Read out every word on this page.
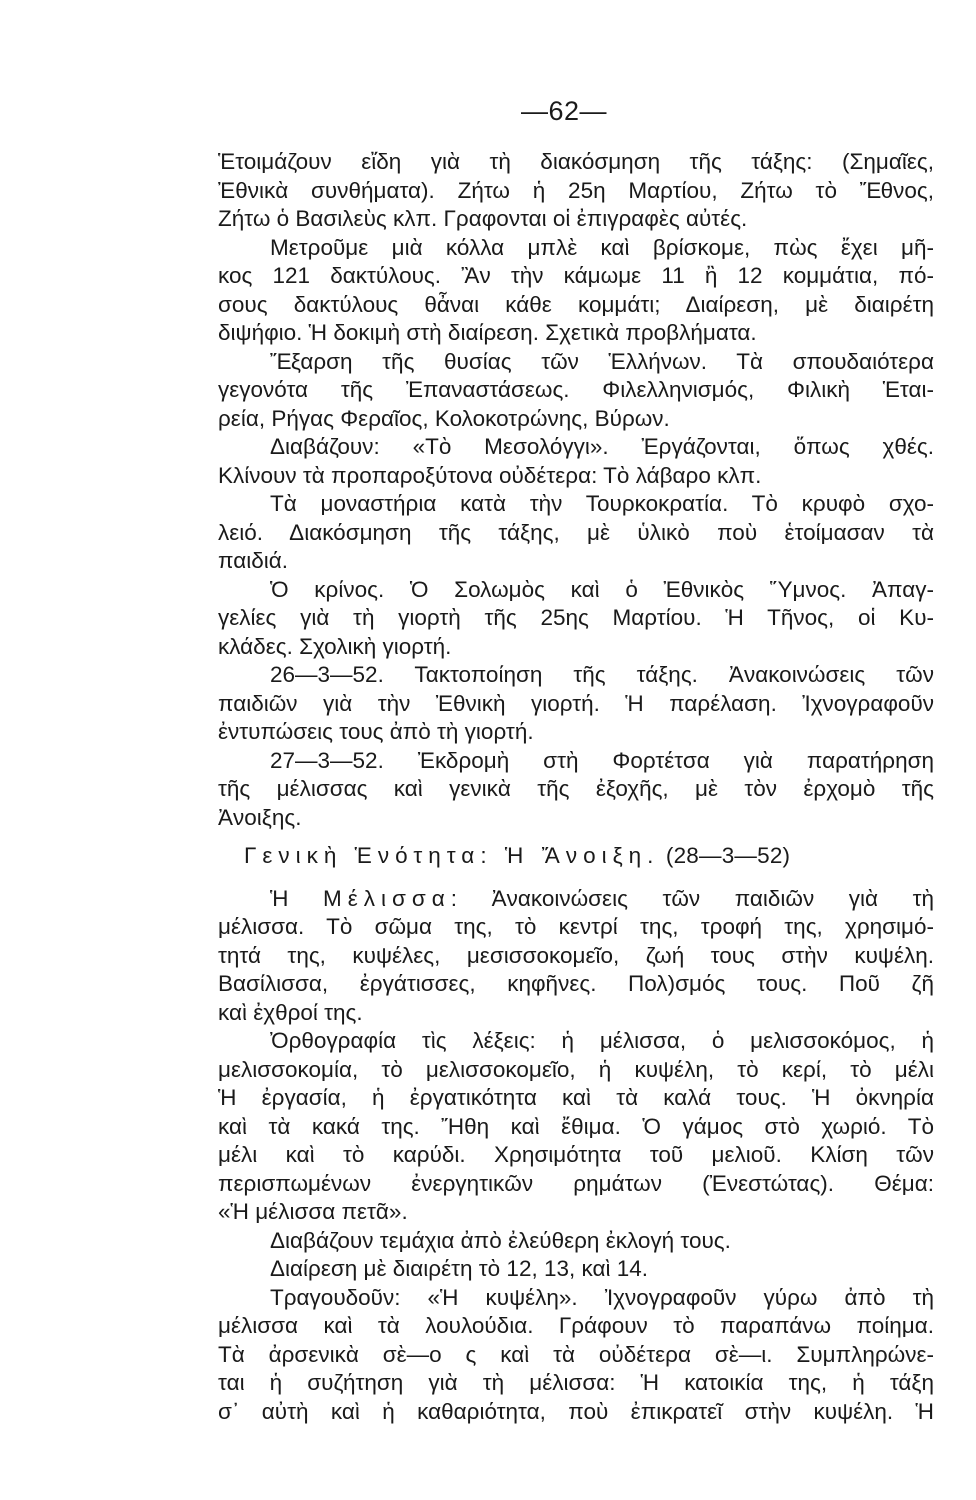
—62—
Ἑτοιμάζουν εἴδη γιὰ τὴ διακόσμηση τῆς τάξης: (Σημαῖες,
Ἐθνικὰ συνθήματα). Ζήτω ἡ 25η Μαρτίου, Ζήτω τὸ Ἔθνος,
Ζήτω ὁ Βασιλεὺς κλπ. Γραφονται οἱ ἐπιγραφὲς αὐτές.
Μετροῦμε μιὰ κόλλα μπλὲ καὶ βρίσκομε, πὼς ἔχει μῆ-
κος 121 δακτύλους. Ἂν τὴν κάμωμε 11 ἢ 12 κομμάτια, πό-
σους δακτύλους θἆναι κάθε κομμάτι; Διαίρεση, μὲ διαιρέτη
διψήφιο. Ἡ δοκιμὴ στὴ διαίρεση. Σχετικὰ προβλήματα.
Ἔξαρση τῆς θυσίας τῶν Ἑλλήνων. Τὰ σπουδαιότερα
γεγονότα τῆς Ἐπαναστάσεως. Φιλελληνισμός, Φιλικὴ Ἑται-
ρεία, Ρήγας Φεραῖος, Κολοκοτρώνης, Βύρων.
Διαβάζουν: «Τὸ Μεσολόγγι». Ἐργάζονται, ὅπως χθές.
Κλίνουν τὰ προπαροξύτονα οὐδέτερα: Τὸ λάβαρο κλπ.
Τὰ μοναστήρια κατὰ τὴν Τουρκοκρατία. Τὸ κρυφὸ σχο-
λειό. Διακόσμηση τῆς τάξης, μὲ ὑλικὸ ποὺ ἑτοίμασαν τὰ
παιδιά.
Ὁ κρίνος. Ὁ Σολωμὸς καὶ ὁ Ἐθνικὸς Ὕμνος. Ἀπαγ-
γελίες γιὰ τὴ γιορτὴ τῆς 25ης Μαρτίου. Ἡ Τῆνος, οἱ Κυ-
κλάδες. Σχολικὴ γιορτή.
26—3—52. Τακτοποίηση τῆς τάξης. Ἀνακοινώσεις τῶν
παιδιῶν γιὰ τὴν Ἐθνικὴ γιορτή. Ἡ παρέλαση. Ἰχνογραφοῦν
ἐντυπώσεις τους ἀπὸ τὴ γιορτή.
27—3—52. Ἐκδρομὴ στὴ Φορτέτσα γιὰ παρατήρηση
τῆς μέλισσας καὶ γενικὰ τῆς ἐξοχῆς, μὲ τὸν ἐρχομὸ τῆς
Ἀνοιξης.
Γενικὴ Ἑνότητα: Ἡ Ἄνοιξη. (28—3—52)
Ἡ Μέλισσα: Ἀνακοινώσεις τῶν παιδιῶν γιὰ τὴ
μέλισσα. Τὸ σῶμα της, τὸ κεντρί της, τροφή της, χρησιμό-
τητά της, κυψέλες, μεσισσοκομεῖο, ζωή τους στὴν κυψέλη.
Βασίλισσα, ἐργάτισσες, κηφῆνες. Πολ)σμός τους. Ποῦ ζῆ
καὶ ἐχθροί της.
Ὀρθογραφία τὶς λέξεις: ἡ μέλισσα, ὁ μελισσοκόμος, ἡ
μελισσοκομία, τὸ μελισσοκομεῖο, ἡ κυψέλη, τὸ κερί, τὸ μέλι
Ἡ ἐργασία, ἡ ἐργατικότητα καὶ τὰ καλά τους. Ἡ ὀκνηρία
καὶ τὰ κακά της. Ἤθη καὶ ἔθιμα. Ὁ γάμος στὸ χωριό. Τὸ
μέλι καὶ τὸ καρύδι. Χρησιμότητα τοῦ μελιοῦ. Κλίση τῶν
περισπωμένων ἐνεργητικῶν ρημάτων (Ἐνεστώτας). Θέμα:
«Ἡ μέλισσα πετᾶ».
Διαβάζουν τεμάχια ἀπὸ ἐλεύθερη ἐκλογή τους.
Διαίρεση μὲ διαιρέτη τὸ 12, 13, καὶ 14.
Τραγουδοῦν: «Ἡ κυψέλη». Ἰχνογραφοῦν γύρω ἀπὸ τὴ
μέλισσα καὶ τὰ λουλούδια. Γράφουν τὸ παραπάνω ποίημα.
Τὰ ἀρσενικὰ σὲ—ο ς καὶ τὰ οὐδέτερα σὲ—ι. Συμπληρώνε-
ται ἡ συζήτηση γιὰ τὴ μέλισσα: Ἡ κατοικία της, ἡ τάξη
σ᾽ αὐτὴ καὶ ἡ καθαριότητα, ποὺ ἐπικρατεῖ στὴν κυψέλη. Ἡ
